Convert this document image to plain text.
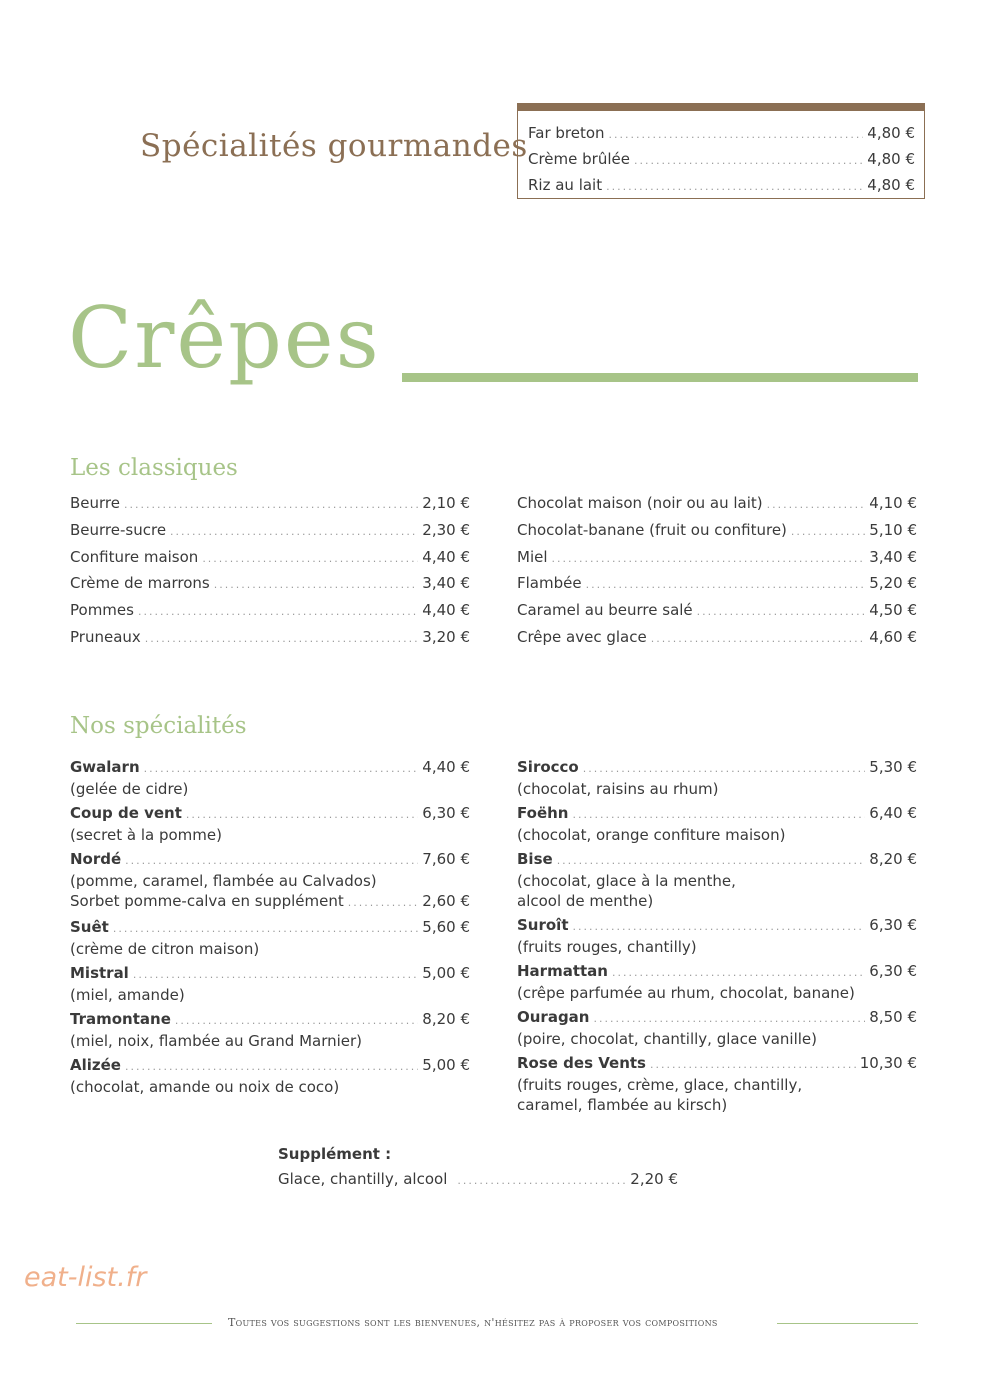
Spécialités gourmandes Far breton .....	4,80 €
Crème brûlée .....	4,80 €
Riz au lait .....	4,80 €
Crêpes
Les classiques
Beurre .....	2,10 €
Beurre-sucre .....	2,30 €
Confiture maison .....	4,40 €
Crème de marrons .....	3,40 €
Pommes .....	4,40 €
Pruneaux .....	3,20 €
Chocolat maison (noir ou au lait) .....	4,10 €
Chocolat-banane (fruit ou confiture) .....	5,10 €
Miel .....	3,40 €
Flambée .....	5,20 €
Caramel au beurre salé .....	4,50 €
Crêpe avec glace .....	4,60 €
Nos spécialités
Gwalarn .....	4,40 €
(gelée de cidre)
Coup de vent .....	6,30 €
(secret à la pomme)
Nordé .....	7,60 €
(pomme, caramel, flambée au Calvados)
Sorbet pomme-calva en supplément .....	2,60 €
Suêt .....	5,60 €
(crème de citron maison)
Mistral .....	5,00 €
(miel, amande)
Tramontane .....	8,20 €
(miel, noix, flambée au Grand Marnier)
Alizée .....	5,00 €
(chocolat, amande ou noix de coco)
Sirocco .....	5,30 €
(chocolat, raisins au rhum)
Foëhn .....	6,40 €
(chocolat, orange confiture maison)
Bise .....	8,20 €
(chocolat, glace à la menthe,
alcool de menthe)
Suroît .....	6,30 €
(fruits rouges, chantilly)
Harmattan .....	6,30 €
(crêpe parfumée au rhum, chocolat, banane)
Ouragan .....	8,50 €
(poire, chocolat, chantilly, glace vanille)
Rose des Vents .....	10,30 €
(fruits rouges, crème, glace, chantilly,
caramel, flambée au kirsch)
Supplément :
Glace, chantilly, alcool .....	2,20 €
eat-list.fr
Toutes vos suggestions sont les bienvenues, n'hésitez pas à proposer vos compositions
